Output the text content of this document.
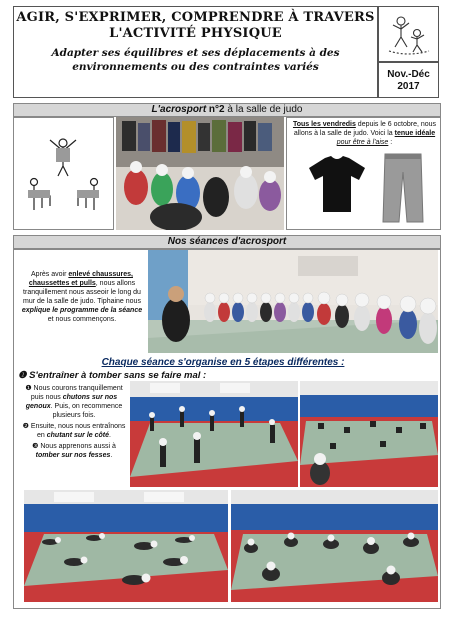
AGIR, S'EXPRIMER, COMPRENDRE À TRAVERS
L'ACTIVITÉ PHYSIQUE
Adapter ses équilibres et ses déplacements à des
environnements ou des contraintes variés
Nov.-Déc
2017
L'acrosport n°2 à la salle de judo
Tous les vendredis depuis le 6 octobre, nous allons à la salle de judo. Voici la tenue idéale pour être à l'aise :
Nos séances d'acrosport
Après avoir enlevé chaussures, chaussettes et pulls, nous allons tranquillement nous asseoir le long du mur de la salle de judo. Tiphaine nous explique le programme de la séance et nous commençons.
Chaque séance s'organise en 5 étapes différentes :
❶ S'entraîner à tomber sans se faire mal :
❶ Nous courons tranquillement puis nous chutons sur nos genoux. Puis, on recommence plusieurs fois.
❷ Ensuite, nous nous entraînons en chutant sur le côté.
❸ Nous apprenons aussi à tomber sur nos fesses.
